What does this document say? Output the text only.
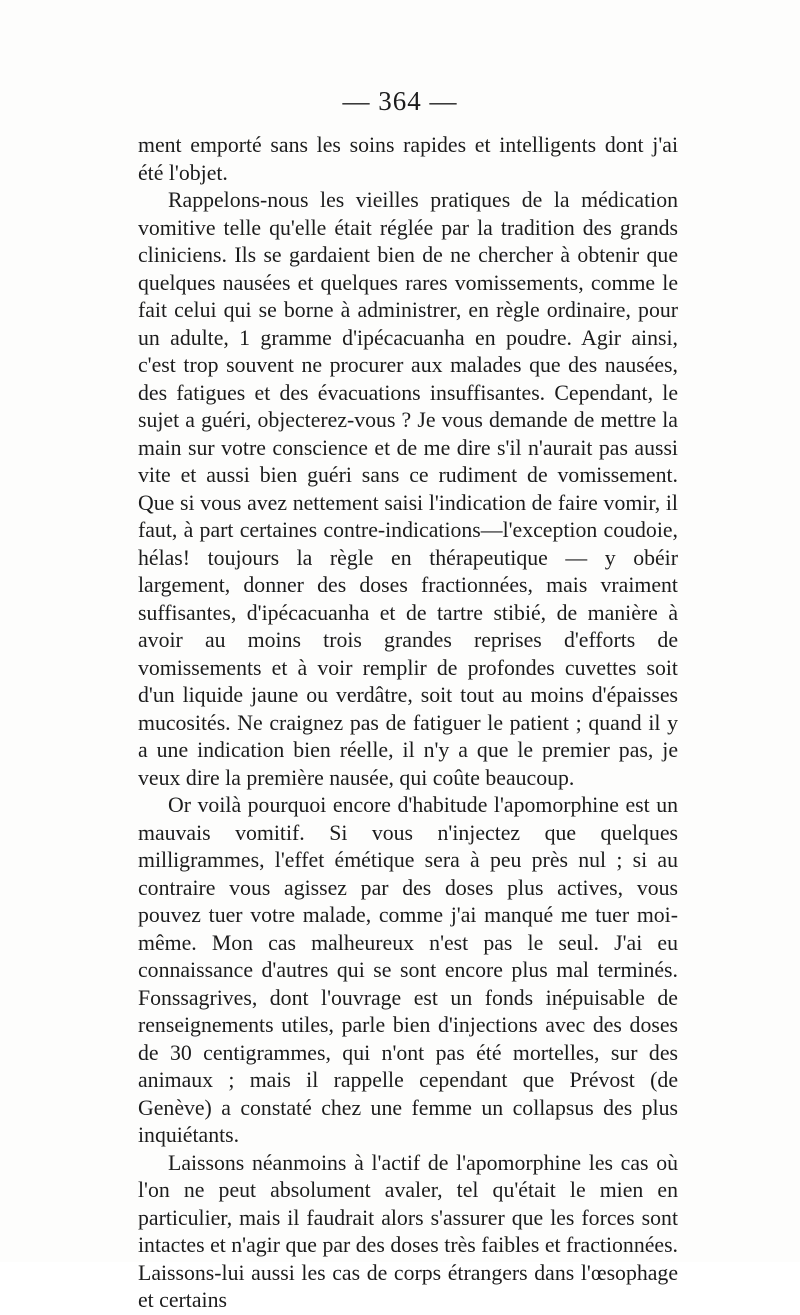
— 364 —

ment emporté sans les soins rapides et intelligents dont j'ai été l'objet.

Rappelons-nous les vieilles pratiques de la médication vomitive telle qu'elle était réglée par la tradition des grands cliniciens. Ils se gardaient bien de ne chercher à obtenir que quelques nausées et quelques rares vomissements, comme le fait celui qui se borne à administrer, en règle ordinaire, pour un adulte, 1 gramme d'ipécacuanha en poudre. Agir ainsi, c'est trop souvent ne procurer aux malades que des nausées, des fatigues et des évacuations insuffisantes. Cependant, le sujet a guéri, objecterez-vous ? Je vous demande de mettre la main sur votre conscience et de me dire s'il n'aurait pas aussi vite et aussi bien guéri sans ce rudiment de vomissement. Que si vous avez nettement saisi l'indication de faire vomir, il faut, à part certaines contre-indications—l'exception coudoie, hélas! toujours la règle en thérapeutique — y obéir largement, donner des doses fractionnées, mais vraiment suffisantes, d'ipécacuanha et de tartre stibié, de manière à avoir au moins trois grandes reprises d'efforts de vomissements et à voir remplir de profondes cuvettes soit d'un liquide jaune ou verdâtre, soit tout au moins d'épaisses mucosités. Ne craignez pas de fatiguer le patient ; quand il y a une indication bien réelle, il n'y a que le premier pas, je veux dire la première nausée, qui coûte beaucoup.

Or voilà pourquoi encore d'habitude l'apomorphine est un mauvais vomitif. Si vous n'injectez que quelques milligrammes, l'effet émétique sera à peu près nul ; si au contraire vous agissez par des doses plus actives, vous pouvez tuer votre malade, comme j'ai manqué me tuer moi-même. Mon cas malheureux n'est pas le seul. J'ai eu connaissance d'autres qui se sont encore plus mal terminés. Fonssagrives, dont l'ouvrage est un fonds inépuisable de renseignements utiles, parle bien d'injections avec des doses de 30 centigrammes, qui n'ont pas été mortelles, sur des animaux ; mais il rappelle cependant que Prévost (de Genève) a constaté chez une femme un collapsus des plus inquiétants.

Laissons néanmoins à l'actif de l'apomorphine les cas où l'on ne peut absolument avaler, tel qu'était le mien en particulier, mais il faudrait alors s'assurer que les forces sont intactes et n'agir que par des doses très faibles et fractionnées. Laissons-lui aussi les cas de corps étrangers dans l'œsophage et certains
